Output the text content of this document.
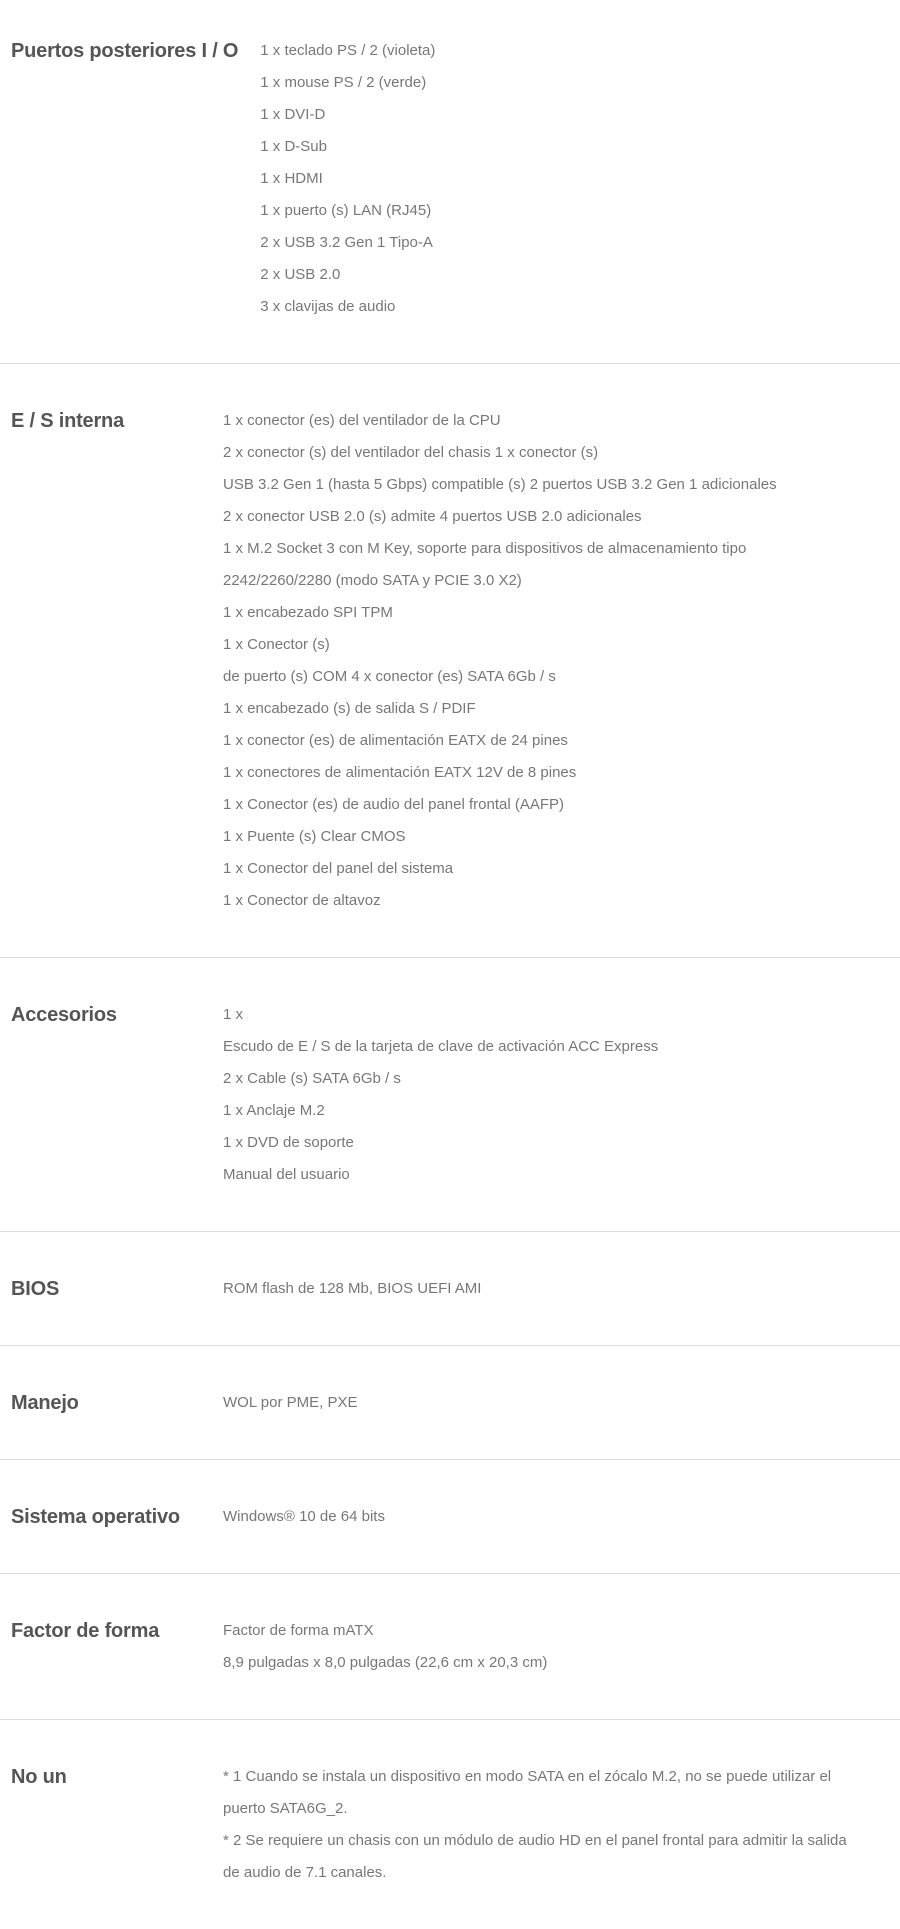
Puertos posteriores I / O	1 x teclado PS / 2 (violeta)
1 x mouse PS / 2 (verde)
1 x DVI-D
1 x D-Sub
1 x HDMI
1 x puerto (s) LAN (RJ45)
2 x USB 3.2 Gen 1 Tipo-A
2 x USB 2.0
3 x clavijas de audio
E / S interna	1 x conector (es) del ventilador de la CPU
2 x conector (s) del ventilador del chasis 1 x conector (s)
USB 3.2 Gen 1 (hasta 5 Gbps) compatible (s) 2 puertos USB 3.2 Gen 1 adicionales
2 x conector USB 2.0 (s) admite 4 puertos USB 2.0 adicionales
1 x M.2 Socket 3 con M Key, soporte para dispositivos de almacenamiento tipo
2242/2260/2280 (modo SATA y PCIE 3.0 X2)
1 x encabezado SPI TPM
1 x Conector (s)
de puerto (s) COM 4 x conector (es) SATA 6Gb / s
1 x encabezado (s) de salida S / PDIF
1 x conector (es) de alimentación EATX de 24 pines
1 x conectores de alimentación EATX 12V de 8 pines
1 x Conector (es) de audio del panel frontal (AAFP)
1 x Puente (s) Clear CMOS
1 x Conector del panel del sistema
1 x Conector de altavoz
Accesorios	1 x
Escudo de E / S de la tarjeta de clave de activación ACC Express
2 x Cable (s) SATA 6Gb / s
1 x Anclaje M.2
1 x DVD de soporte
Manual del usuario
BIOS	ROM flash de 128 Mb, BIOS UEFI AMI
Manejo	WOL por PME, PXE
Sistema operativo	Windows® 10 de 64 bits
Factor de forma	Factor de forma mATX
8,9 pulgadas x 8,0 pulgadas (22,6 cm x 20,3 cm)
No un	* 1 Cuando se instala un dispositivo en modo SATA en el zócalo M.2, no se puede utilizar el
puerto SATA6G_2.
* 2 Se requiere un chasis con un módulo de audio HD en el panel frontal para admitir la salida
de audio de 7.1 canales.
